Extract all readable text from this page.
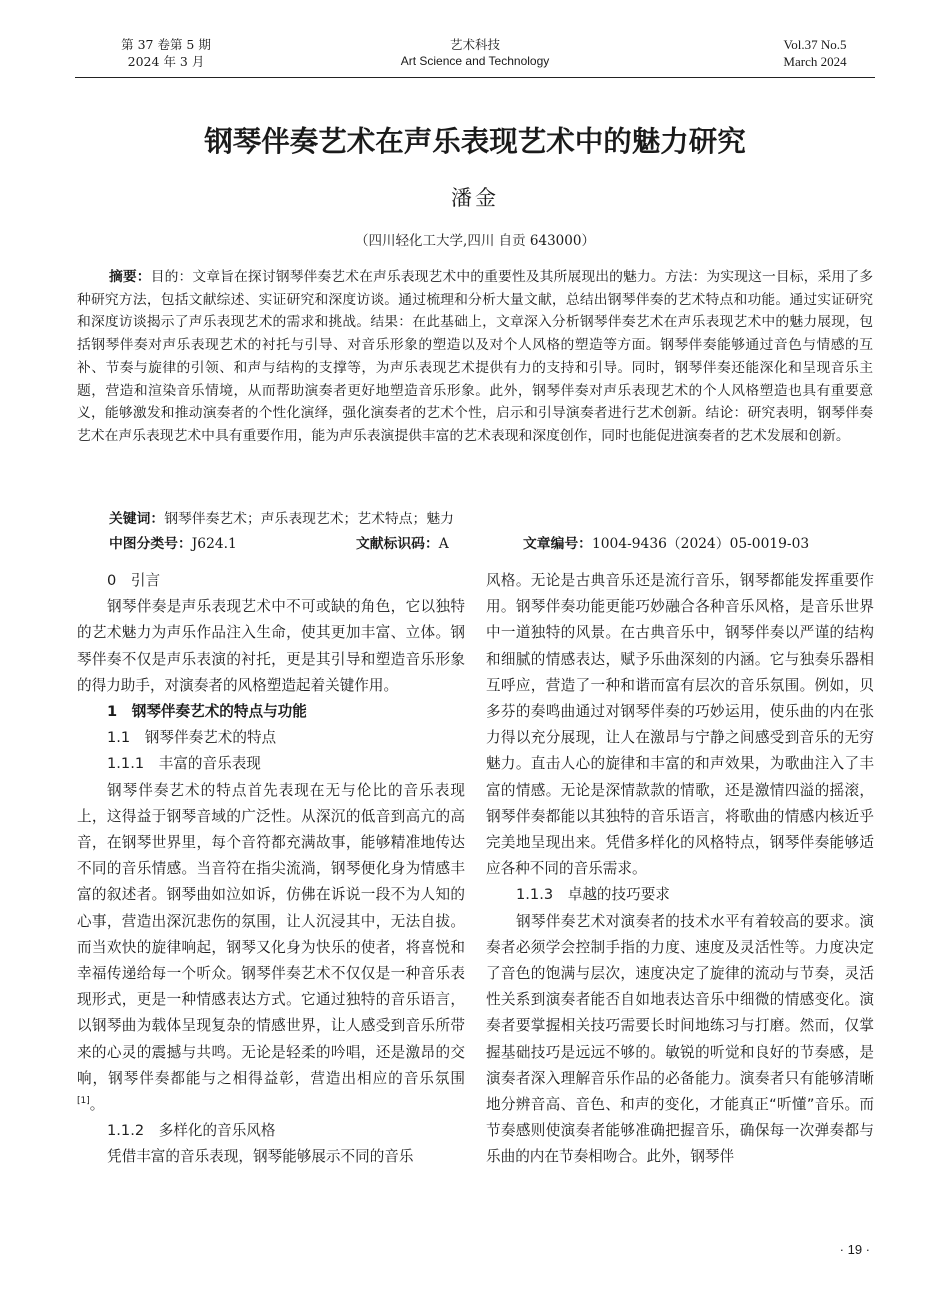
第 37 卷第 5 期
2024 年 3 月
艺术科技
Art Science and Technology
Vol.37 No.5
March 2024
钢琴伴奏艺术在声乐表现艺术中的魅力研究
潘金
（四川轻化工大学,四川 自贡 643000）

摘要：目的：文章旨在探讨钢琴伴奏艺术在声乐表现艺术中的重要性及其所展现出的魅力。方法：为实现这一目标，采用了多种研究方法，包括文献综述、实证研究和深度访谈。通过梳理和分析大量文献，总结出钢琴伴奏的艺术特点和功能。通过实证研究和深度访谈揭示了声乐表现艺术的需求和挑战。结果：在此基础上，文章深入分析钢琴伴奏艺术在声乐表现艺术中的魅力展现，包括钢琴伴奏对声乐表现艺术的衬托与引导、对音乐形象的塑造以及对个人风格的塑造等方面。钢琴伴奏能够通过音色与情感的互补、节奏与旋律的引领、和声与结构的支撑等，为声乐表现艺术提供有力的支持和引导。同时，钢琴伴奏还能深化和呈现音乐主题，营造和渲染音乐情境，从而帮助演奏者更好地塑造音乐形象。此外，钢琴伴奏对声乐表现艺术的个人风格塑造也具有重要意义，能够激发和推动演奏者的个性化演绎，强化演奏者的艺术个性，启示和引导演奏者进行艺术创新。结论：研究表明，钢琴伴奏艺术在声乐表现艺术中具有重要作用，能为声乐表演提供丰富的艺术表现和深度创作，同时也能促进演奏者的艺术发展和创新。

关键词：钢琴伴奏艺术；声乐表现艺术；艺术特点；魅力
中图分类号：J624.1	文献标识码：A	文章编号：1004-9436（2024）05-0019-03

0　引言

钢琴伴奏是声乐表现艺术中不可或缺的角色，它以独特的艺术魅力为声乐作品注入生命，使其更加丰富、立体。钢琴伴奏不仅是声乐表演的衬托，更是其引导和塑造音乐形象的得力助手，对演奏者的风格塑造起着关键作用。

1　钢琴伴奏艺术的特点与功能

1.1　钢琴伴奏艺术的特点

1.1.1　丰富的音乐表现

钢琴伴奏艺术的特点首先表现在无与伦比的音乐表现上，这得益于钢琴音域的广泛性。从深沉的低音到高亢的高音，在钢琴世界里，每个音符都充满故事，能够精准地传达不同的音乐情感。当音符在指尖流淌，钢琴便化身为情感丰富的叙述者。钢琴曲如泣如诉，仿佛在诉说一段不为人知的心事，营造出深沉悲伤的氛围，让人沉浸其中，无法自拔。而当欢快的旋律响起，钢琴又化身为快乐的使者，将喜悦和幸福传递给每一个听众。钢琴伴奏艺术不仅仅是一种音乐表现形式，更是一种情感表达方式。它通过独特的音乐语言，以钢琴曲为载体呈现复杂的情感世界，让人感受到音乐所带来的心灵的震撼与共鸣。无论是轻柔的吟唱，还是激昂的交响，钢琴伴奏都能与之相得益彰，营造出相应的音乐氛围[1]。

1.1.2　多样化的音乐风格

凭借丰富的音乐表现，钢琴能够展示不同的音乐

风格。无论是古典音乐还是流行音乐，钢琴都能发挥重要作用。钢琴伴奏功能更能巧妙融合各种音乐风格，是音乐世界中一道独特的风景。在古典音乐中，钢琴伴奏以严谨的结构和细腻的情感表达，赋予乐曲深刻的内涵。它与独奏乐器相互呼应，营造了一种和谐而富有层次的音乐氛围。例如，贝多芬的奏鸣曲通过对钢琴伴奏的巧妙运用，使乐曲的内在张力得以充分展现，让人在激昂与宁静之间感受到音乐的无穷魅力。直击人心的旋律和丰富的和声效果，为歌曲注入了丰富的情感。无论是深情款款的情歌，还是激情四溢的摇滚，钢琴伴奏都能以其独特的音乐语言，将歌曲的情感内核近乎完美地呈现出来。凭借多样化的风格特点，钢琴伴奏能够适应各种不同的音乐需求。

1.1.3　卓越的技巧要求

钢琴伴奏艺术对演奏者的技术水平有着较高的要求。演奏者必须学会控制手指的力度、速度及灵活性等。力度决定了音色的饱满与层次，速度决定了旋律的流动与节奏，灵活性关系到演奏者能否自如地表达音乐中细微的情感变化。演奏者要掌握相关技巧需要长时间地练习与打磨。然而，仅掌握基础技巧是远远不够的。敏锐的听觉和良好的节奏感，是演奏者深入理解音乐作品的必备能力。演奏者只有能够清晰地分辨音高、音色、和声的变化，才能真正“听懂”音乐。而节奏感则使演奏者能够准确把握音乐，确保每一次弹奏都与乐曲的内在节奏相吻合。此外，钢琴伴

· 19 ·
